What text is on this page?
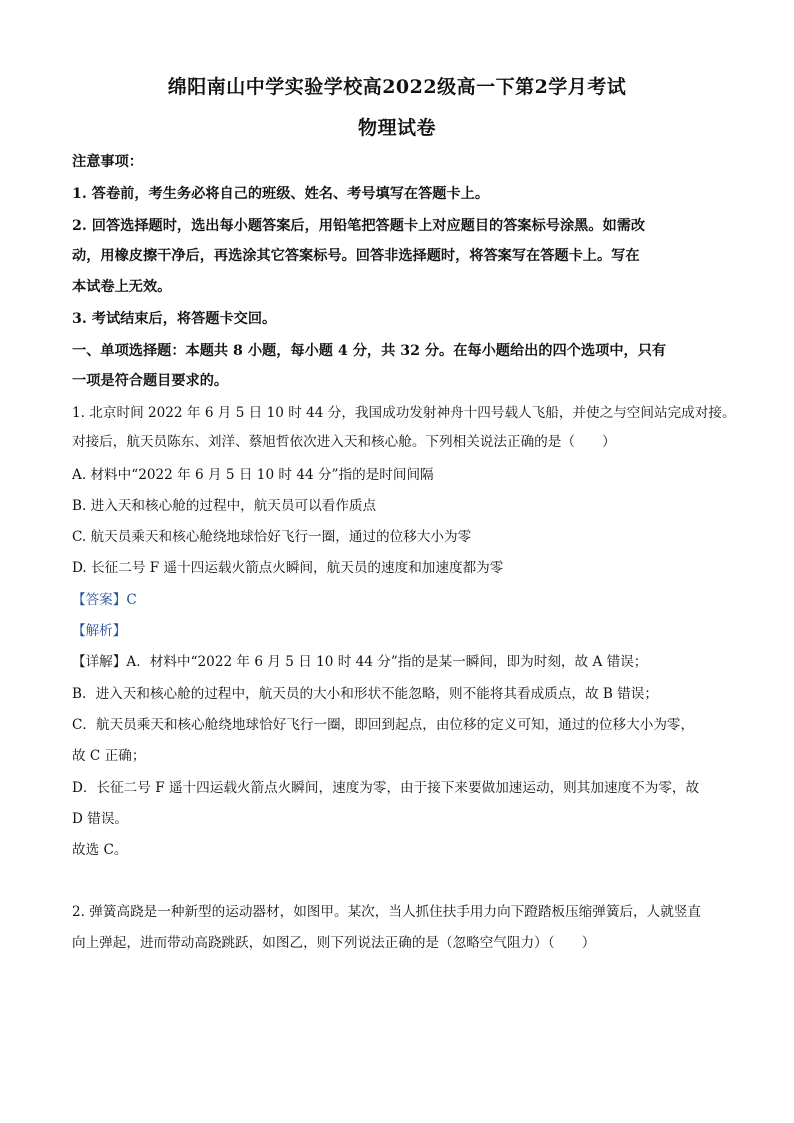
绵阳南山中学实验学校高2022级高一下第2学月考试
物理试卷
注意事项：
1. 答卷前，考生务必将自己的班级、姓名、考号填写在答题卡上。
2. 回答选择题时，选出每小题答案后，用铅笔把答题卡上对应题目的答案标号涂黑。如需改
动，用橡皮擦干净后，再选涂其它答案标号。回答非选择题时，将答案写在答题卡上。写在
本试卷上无效。
3. 考试结束后，将答题卡交回。
一、单项选择题：本题共 8 小题，每小题 4 分，共 32 分。在每小题给出的四个选项中，只有
一项是符合题目要求的。
1. 北京时间 2022 年 6 月 5 日 10 时 44 分，我国成功发射神舟十四号载人飞船，并使之与空间站完成对接。
对接后，航天员陈东、刘洋、蔡旭哲依次进入天和核心舱。下列相关说法正确的是（　　）
A. 材料中“2022 年 6 月 5 日 10 时 44 分”指的是时间间隔
B. 进入天和核心舱的过程中，航天员可以看作质点
C. 航天员乘天和核心舱绕地球恰好飞行一圈，通过的位移大小为零
D. 长征二号 F 遥十四运载火箭点火瞬间，航天员的速度和加速度都为零
【答案】C
【解析】
【详解】A．材料中“2022 年 6 月 5 日 10 时 44 分”指的是某一瞬间，即为时刻，故 A 错误；
B．进入天和核心舱的过程中，航天员的大小和形状不能忽略，则不能将其看成质点，故 B 错误；
C．航天员乘天和核心舱绕地球恰好飞行一圈，即回到起点，由位移的定义可知，通过的位移大小为零，
故 C 正确；
D．长征二号 F 遥十四运载火箭点火瞬间，速度为零，由于接下来要做加速运动，则其加速度不为零，故
D 错误。
故选 C。
2. 弹簧高跷是一种新型的运动器材，如图甲。某次，当人抓住扶手用力向下蹬踏板压缩弹簧后，人就竖直
向上弹起，进而带动高跷跳跃，如图乙，则下列说法正确的是（忽略空气阻力）（　　）
